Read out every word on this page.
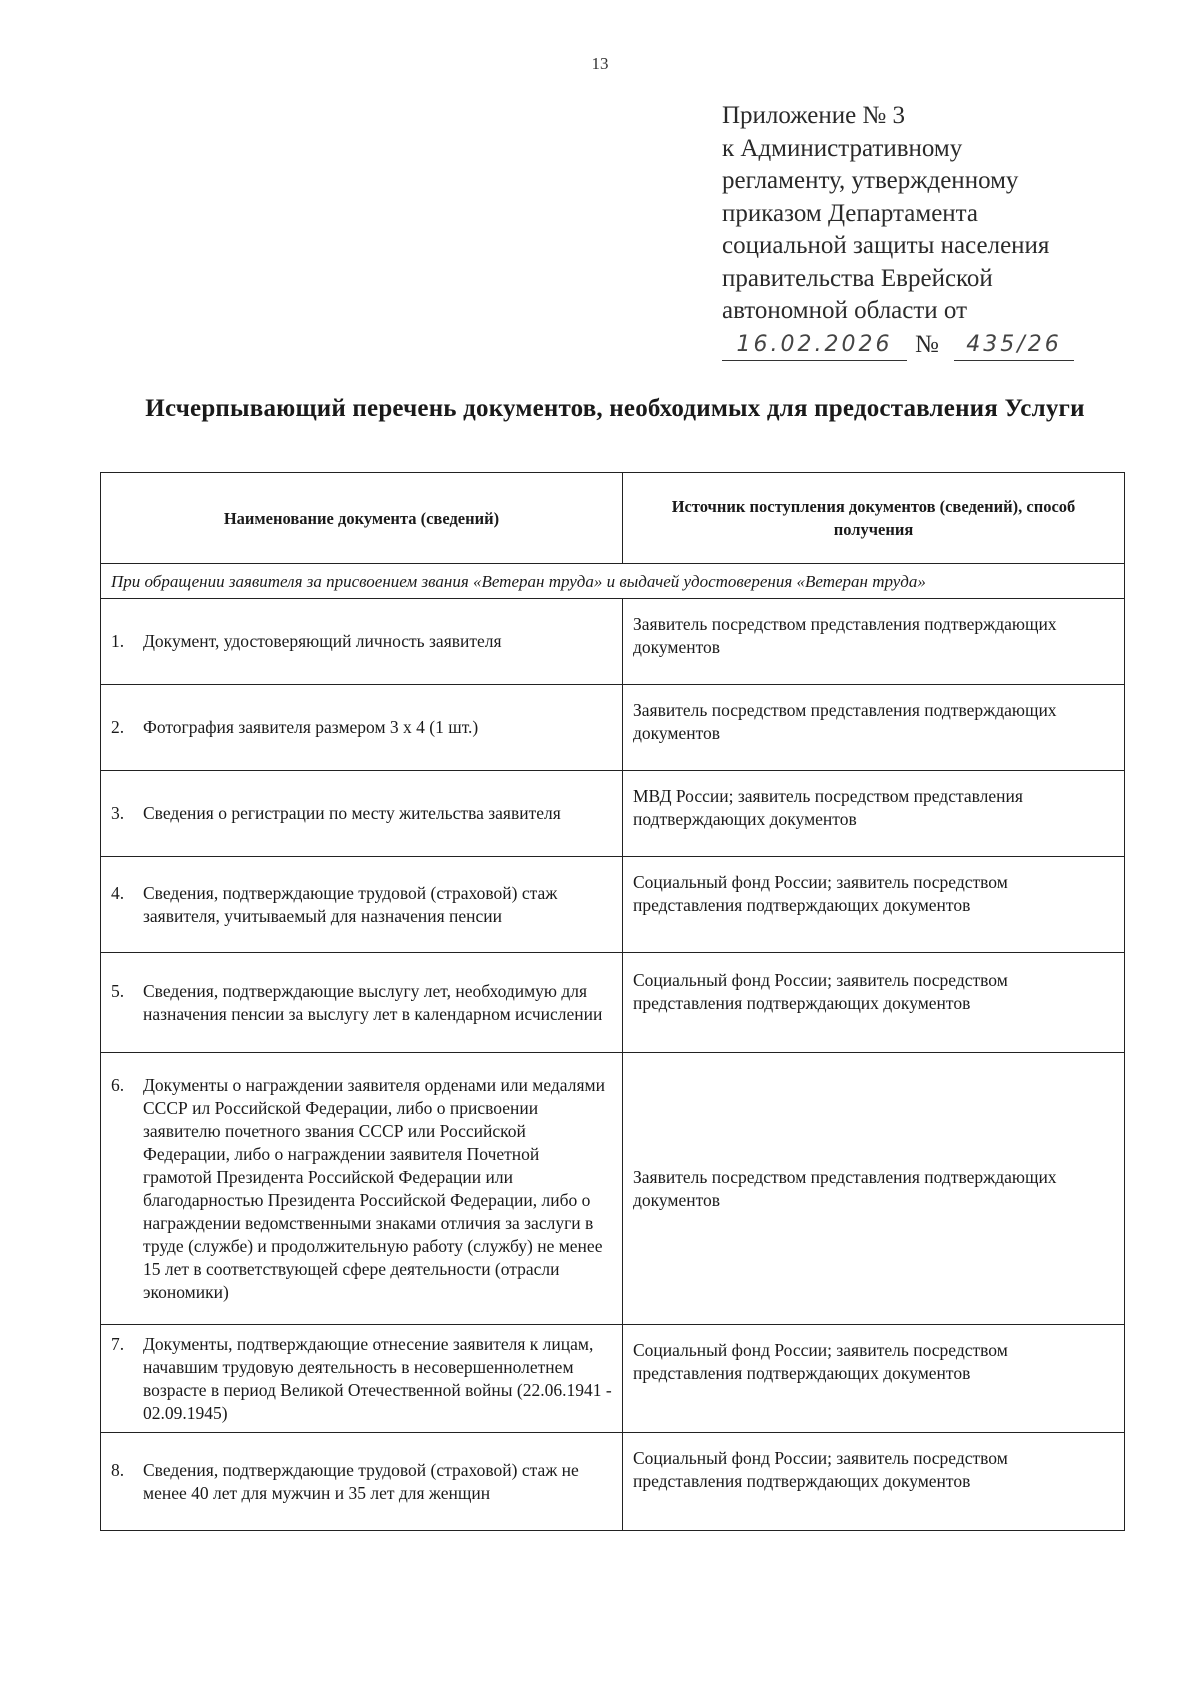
13
Приложение № 3
к Административному
регламенту, утвержденному
приказом Департамента
социальной защиты населения
правительства Еврейской
автономной области от
16.02.2026 №	435/26
Исчерпывающий перечень документов, необходимых для предоставления Услуги
Наименование документа (сведений)	Источник поступления документов (сведений), способ получения
При обращении заявителя за присвоением звания «Ветеран труда» и выдачей удостоверения «Ветеран труда»	
1. Документ, удостоверяющий личность заявителя	Заявитель посредством представления подтверждающих документов
2. Фотография заявителя размером 3 х 4 (1 шт.)	Заявитель посредством представления подтверждающих документов
3. Сведения о регистрации по месту жительства заявителя	МВД России; заявитель посредством представления подтверждающих документов
4. Сведения, подтверждающие трудовой (страховой) стаж заявителя, учитываемый для назначения пенсии	Социальный фонд России; заявитель посредством представления подтверждающих документов
5. Сведения, подтверждающие выслугу лет, необходимую для назначения пенсии за выслугу лет в календарном исчислении	Социальный фонд России; заявитель посредством представления подтверждающих документов
6. Документы о награждении заявителя орденами или медалями СССР ил Российской Федерации, либо о присвоении заявителю почетного звания СССР или Российской Федерации, либо о награждении заявителя Почетной грамотой Президента Российской Федерации или благодарностью Президента Российской Федерации, либо о награждении ведомственными знаками отличия за заслуги в труде (службе) и продолжительную работу (службу) не менее 15 лет в соответствующей сфере деятельности (отрасли экономики)	Заявитель посредством представления подтверждающих документов
7. Документы, подтверждающие отнесение заявителя к лицам, начавшим трудовую деятельность в несовершеннолетнем возрасте в период Великой Отечественной войны (22.06.1941 - 02.09.1945)	Социальный фонд России; заявитель посредством представления подтверждающих документов
8. Сведения, подтверждающие трудовой (страховой) стаж не менее 40 лет для мужчин и 35 лет для женщин	Социальный фонд России; заявитель посредством представления подтверждающих документов
